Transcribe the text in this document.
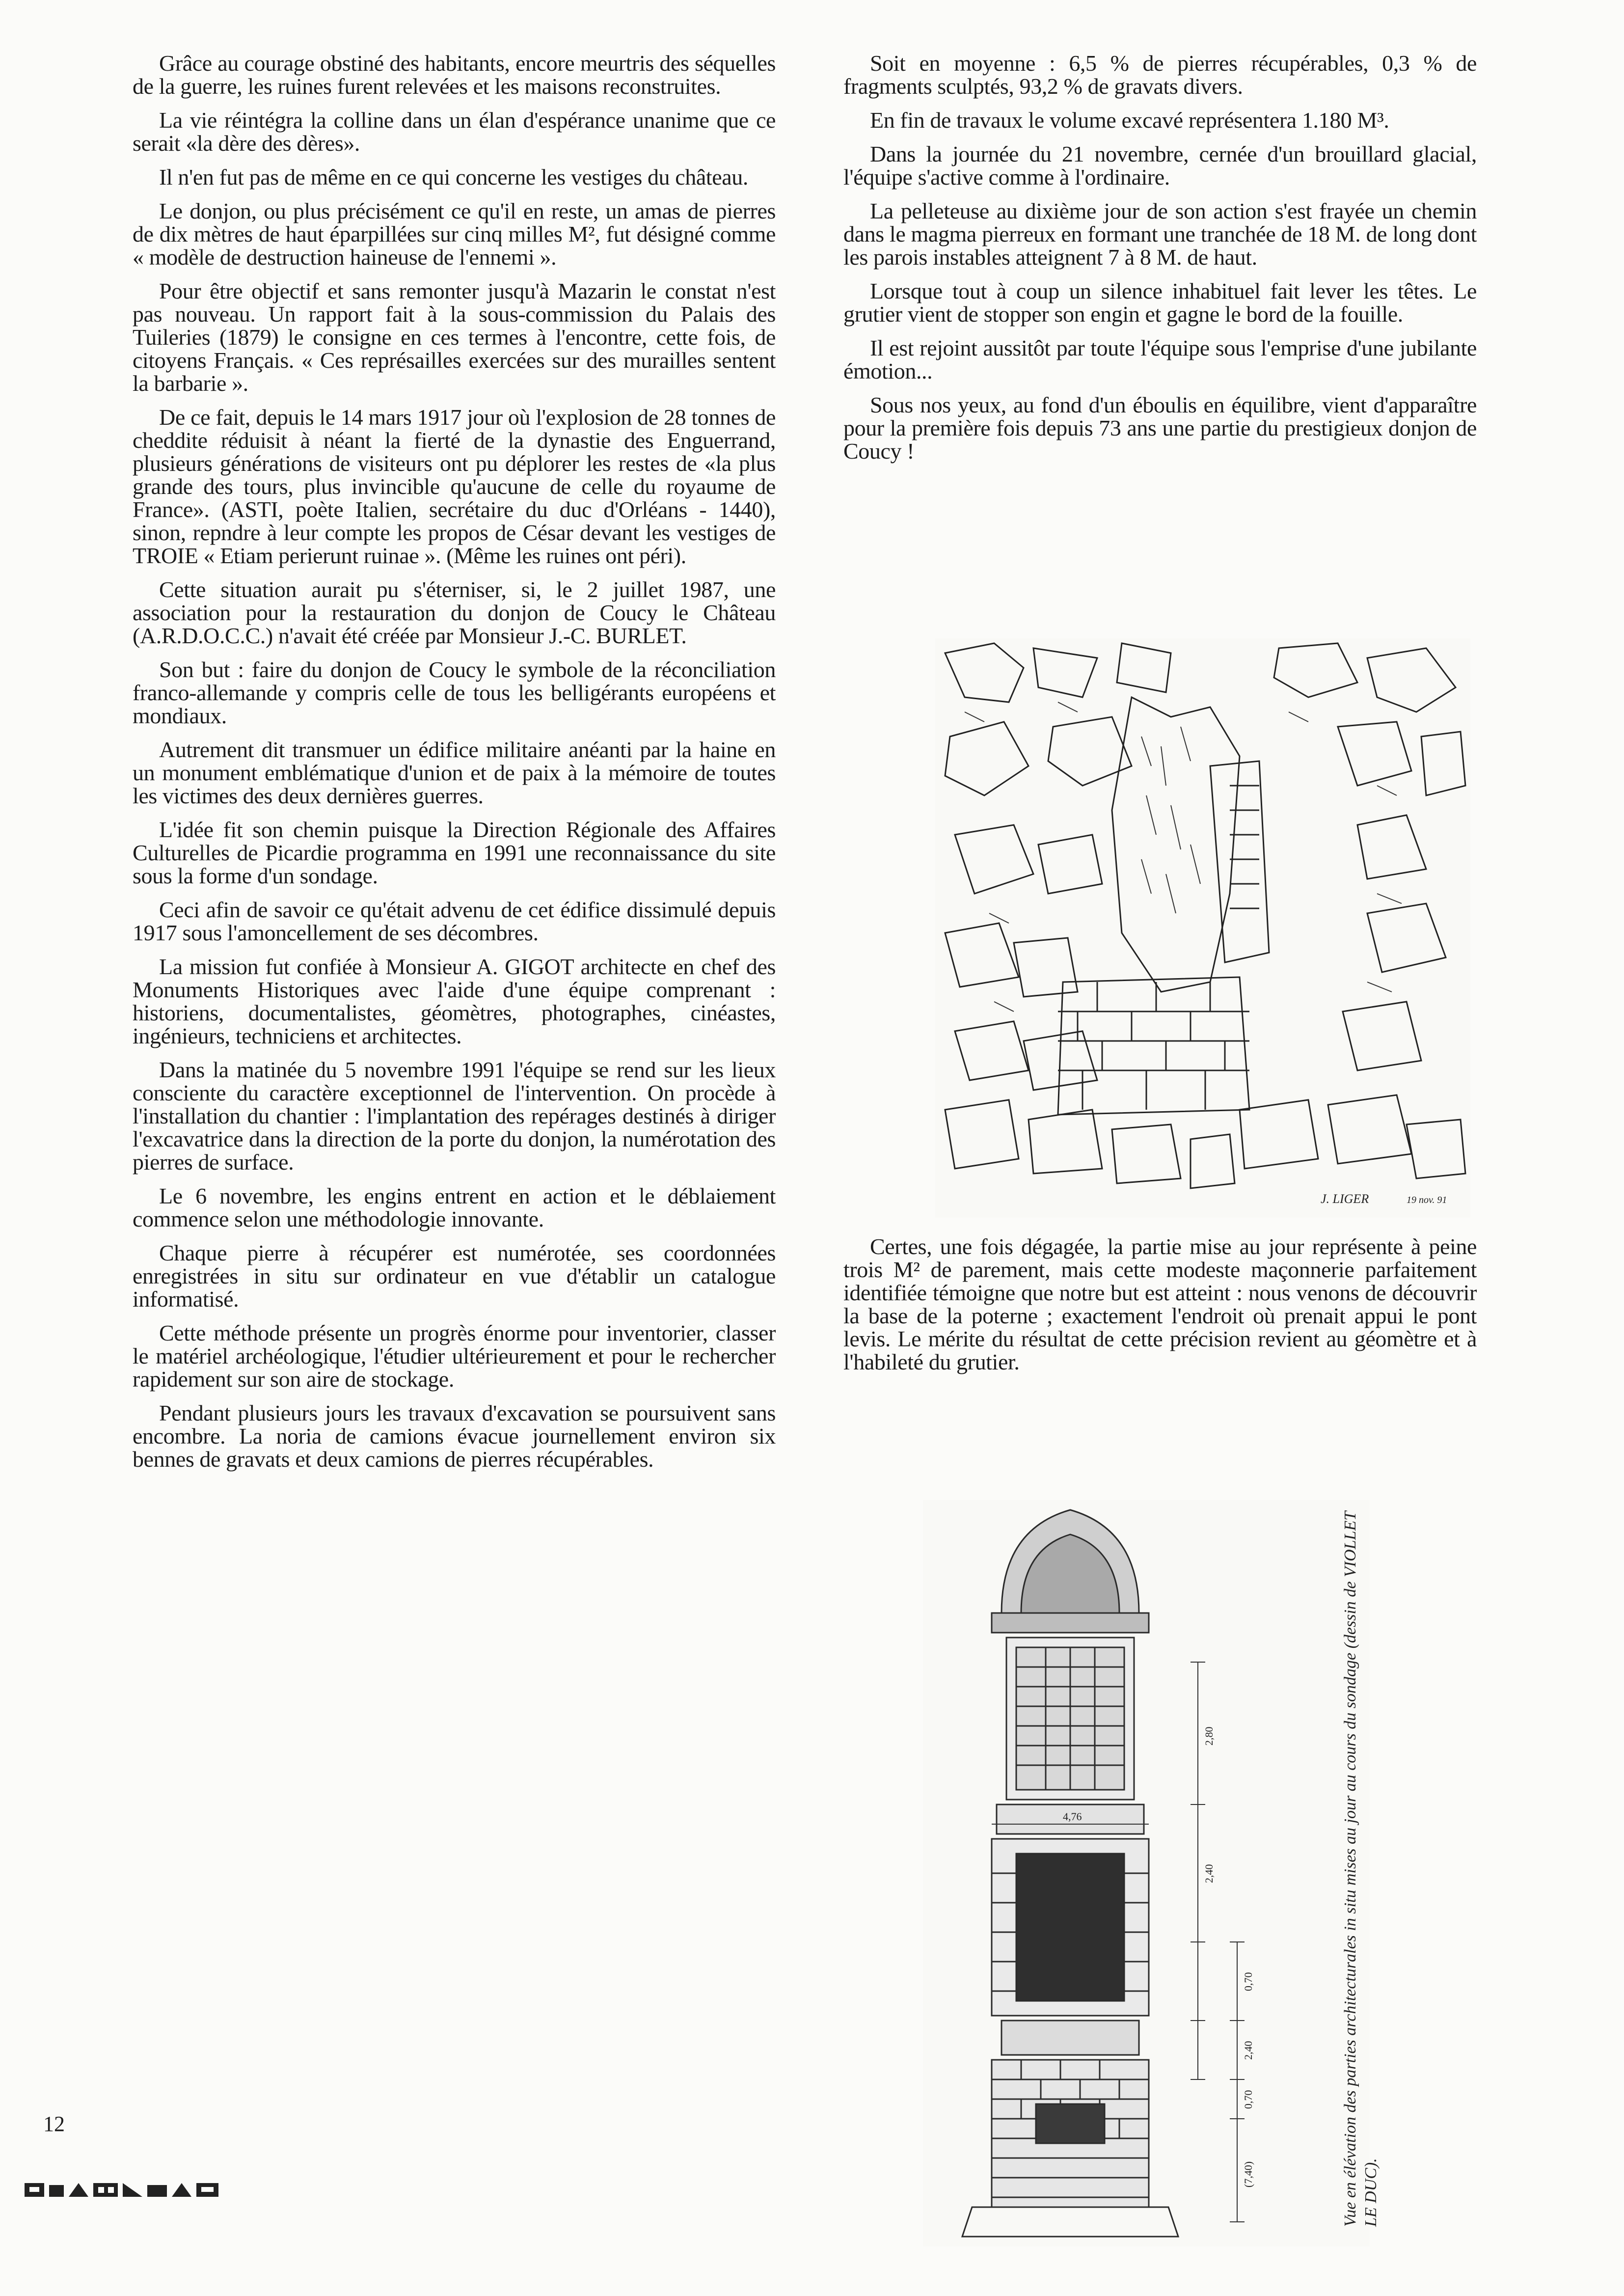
Grâce au courage obstiné des habitants, encore meurtris des séquelles de la guerre, les ruines furent relevées et les maisons reconstruites.

La vie réintégra la colline dans un élan d'espérance unanime que ce serait «la dère des dères».

Il n'en fut pas de même en ce qui concerne les vestiges du château.

Le donjon, ou plus précisément ce qu'il en reste, un amas de pierres de dix mètres de haut éparpillées sur cinq milles M², fut désigné comme « modèle de destruction haineuse de l'ennemi ».

Pour être objectif et sans remonter jusqu'à Mazarin le constat n'est pas nouveau. Un rapport fait à la sous-commission du Palais des Tuileries (1879) le consigne en ces termes à l'encontre, cette fois, de citoyens Français. « Ces représailles exercées sur des murailles sentent la barbarie ».

De ce fait, depuis le 14 mars 1917 jour où l'explosion de 28 tonnes de cheddite réduisit à néant la fierté de la dynastie des Enguerrand, plusieurs générations de visiteurs ont pu déplorer les restes de «la plus grande des tours, plus invincible qu'aucune de celle du royaume de France». (ASTI, poète Italien, secrétaire du duc d'Orléans - 1440), sinon, repndre à leur compte les propos de César devant les vestiges de TROIE « Etiam perierunt ruinae ». (Même les ruines ont péri).

Cette situation aurait pu s'éterniser, si, le 2 juillet 1987, une association pour la restauration du donjon de Coucy le Château (A.R.D.O.C.C.) n'avait été créée par Monsieur J.-C. BURLET.

Son but : faire du donjon de Coucy le symbole de la réconciliation franco-allemande y compris celle de tous les belligérants européens et mondiaux.

Autrement dit transmuer un édifice militaire anéanti par la haine en un monument emblématique d'union et de paix à la mémoire de toutes les victimes des deux dernières guerres.

L'idée fit son chemin puisque la Direction Régionale des Affaires Culturelles de Picardie programma en 1991 une reconnaissance du site sous la forme d'un sondage.

Ceci afin de savoir ce qu'était advenu de cet édifice dissimulé depuis 1917 sous l'amoncellement de ses décombres.

La mission fut confiée à Monsieur A. GIGOT architecte en chef des Monuments Historiques avec l'aide d'une équipe comprenant : historiens, documentalistes, géomètres, photographes, cinéastes, ingénieurs, techniciens et architectes.

Dans la matinée du 5 novembre 1991 l'équipe se rend sur les lieux consciente du caractère exceptionnel de l'intervention. On procède à l'installation du chantier : l'implantation des repérages destinés à diriger l'excavatrice dans la direction de la porte du donjon, la numérotation des pierres de surface.

Le 6 novembre, les engins entrent en action et le déblaiement commence selon une méthodologie innovante.

Chaque pierre à récupérer est numérotée, ses coordonnées enregistrées in situ sur ordinateur en vue d'établir un catalogue informatisé.

Cette méthode présente un progrès énorme pour inventorier, classer le matériel archéologique, l'étudier ultérieurement et pour le rechercher rapidement sur son aire de stockage.

Pendant plusieurs jours les travaux d'excavation se poursuivent sans encombre. La noria de camions évacue journellement environ six bennes de gravats et deux camions de pierres récupérables.

Soit en moyenne : 6,5 % de pierres récupérables, 0,3 % de fragments sculptés, 93,2 % de gravats divers.

En fin de travaux le volume excavé représentera 1.180 M³.

Dans la journée du 21 novembre, cernée d'un brouillard glacial, l'équipe s'active comme à l'ordinaire.

La pelleteuse au dixième jour de son action s'est frayée un chemin dans le magma pierreux en formant une tranchée de 18 M. de long dont les parois instables atteignent 7 à 8 M. de haut.

Lorsque tout à coup un silence inhabituel fait lever les têtes. Le grutier vient de stopper son engin et gagne le bord de la fouille.

Il est rejoint aussitôt par toute l'équipe sous l'emprise d'une jubilante émotion...

Sous nos yeux, au fond d'un éboulis en équilibre, vient d'apparaître pour la première fois depuis 73 ans une partie du prestigieux donjon de Coucy !

J. LIGER	19 nov. 91

Certes, une fois dégagée, la partie mise au jour représente à peine trois M² de parement, mais cette modeste maçonnerie parfaitement identifiée témoigne que notre but est atteint : nous venons de découvrir la base de la poterne ; exactement l'endroit où prenait appui le pont levis. Le mérite du résultat de cette précision revient au géomètre et à l'habileté du grutier.

4,76
2,80
2,40
0,70
2,40
0,70
(7,40)	Vue en élévation des parties architecturales in situ mises au jour au cours du sondage (dessin de VIOLLET LE DUC).
12
